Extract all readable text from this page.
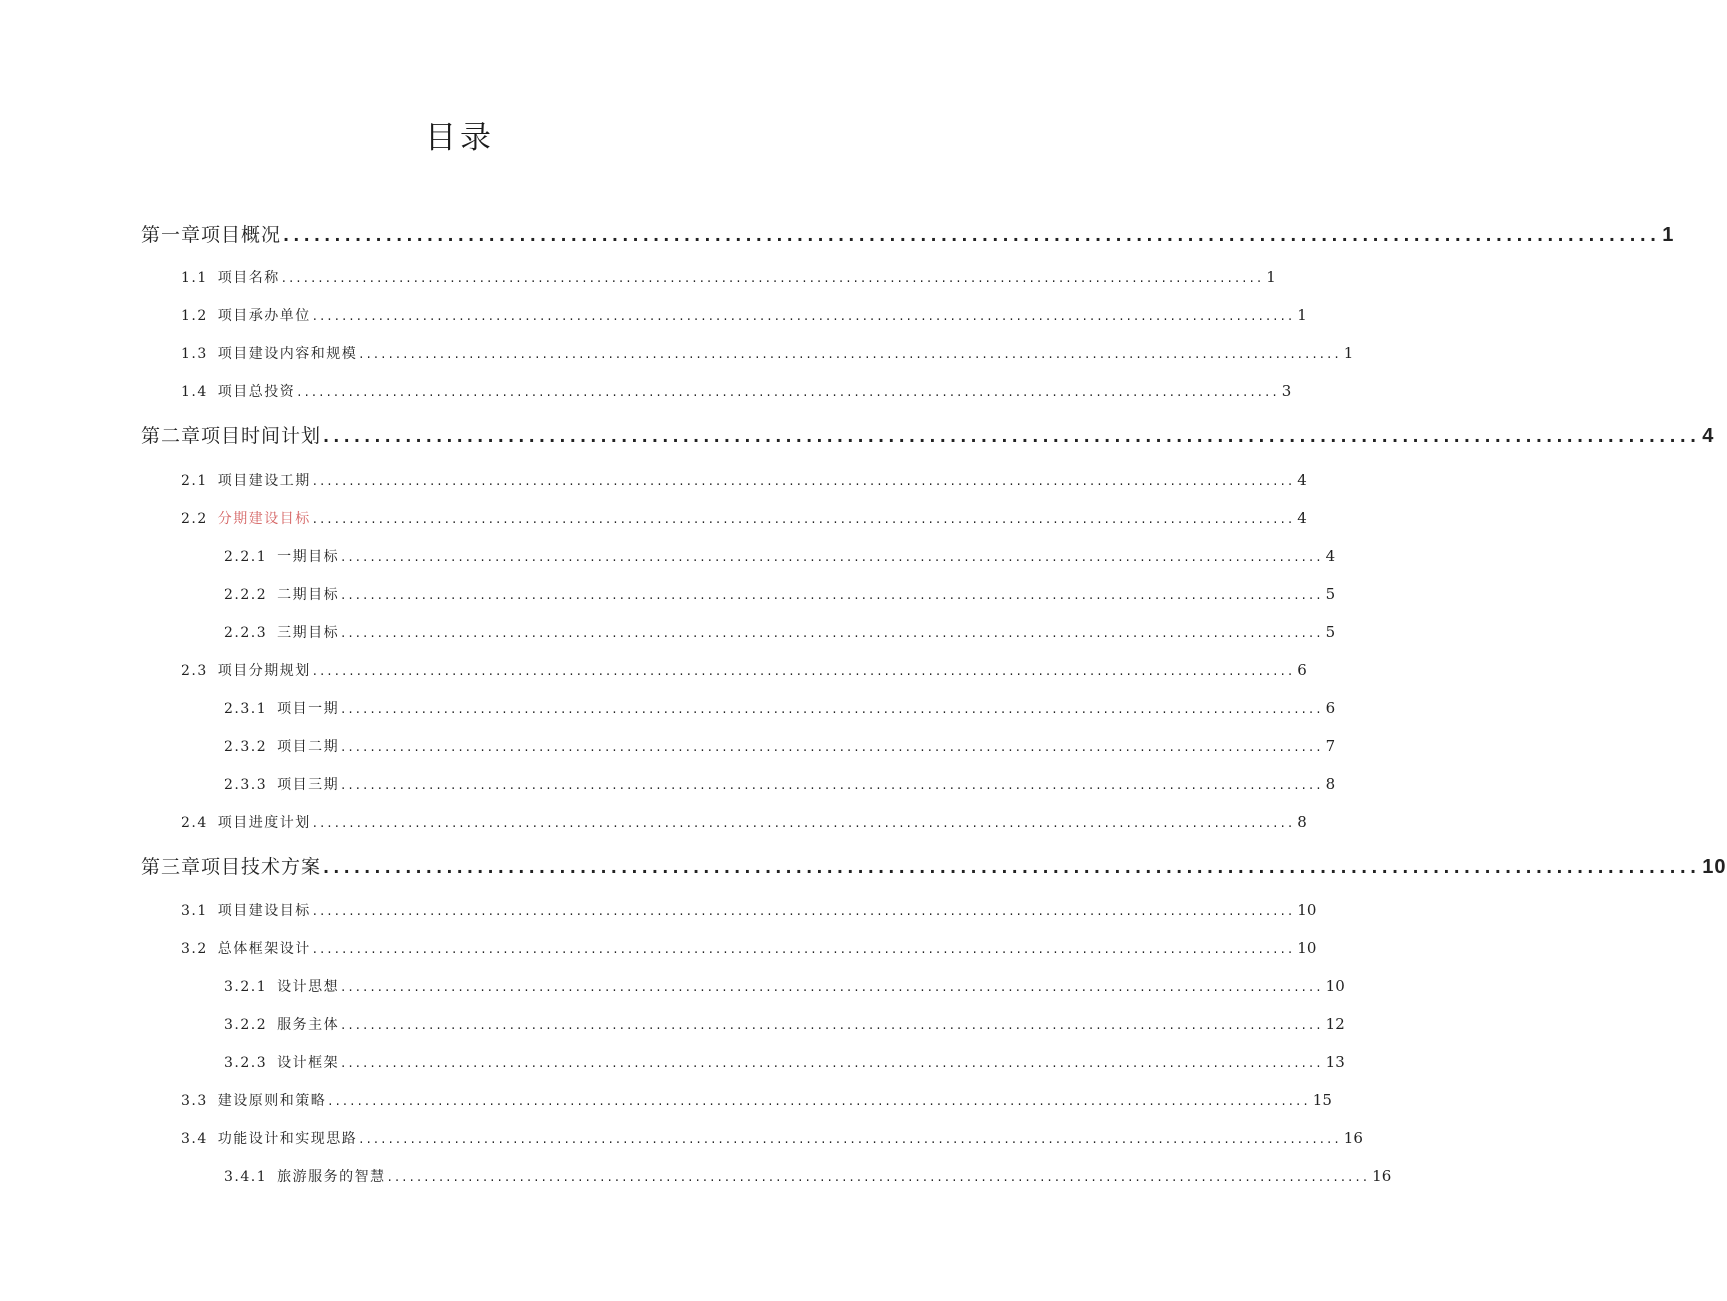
目录
第一章项目概况 ...................................................................................................................................... 1
1.1 项目名称 ...................................................................................................................................... 1
1.2 项目承办单位 ...................................................................................................................................... 1
1.3 项目建设内容和规模 ...................................................................................................................................... 1
1.4 项目总投资 ...................................................................................................................................... 3
第二章项目时间计划 ...................................................................................................................................... 4
2.1 项目建设工期 ...................................................................................................................................... 4
2.2 分期建设目标 ...................................................................................................................................... 4
2.2.1 一期目标 ...................................................................................................................................... 4
2.2.2 二期目标 ...................................................................................................................................... 5
2.2.3 三期目标 ...................................................................................................................................... 5
2.3 项目分期规划 ...................................................................................................................................... 6
2.3.1 项目一期 ...................................................................................................................................... 6
2.3.2 项目二期 ...................................................................................................................................... 7
2.3.3 项目三期 ...................................................................................................................................... 8
2.4 项目进度计划 ...................................................................................................................................... 8
第三章项目技术方案 ...................................................................................................................................... 10
3.1 项目建设目标 ...................................................................................................................................... 10
3.2 总体框架设计 ...................................................................................................................................... 10
3.2.1 设计思想 ...................................................................................................................................... 10
3.2.2 服务主体 ...................................................................................................................................... 12
3.2.3 设计框架 ...................................................................................................................................... 13
3.3 建设原则和策略 ...................................................................................................................................... 15
3.4 功能设计和实现思路 ...................................................................................................................................... 16
3.4.1 旅游服务的智慧 ...................................................................................................................................... 16
